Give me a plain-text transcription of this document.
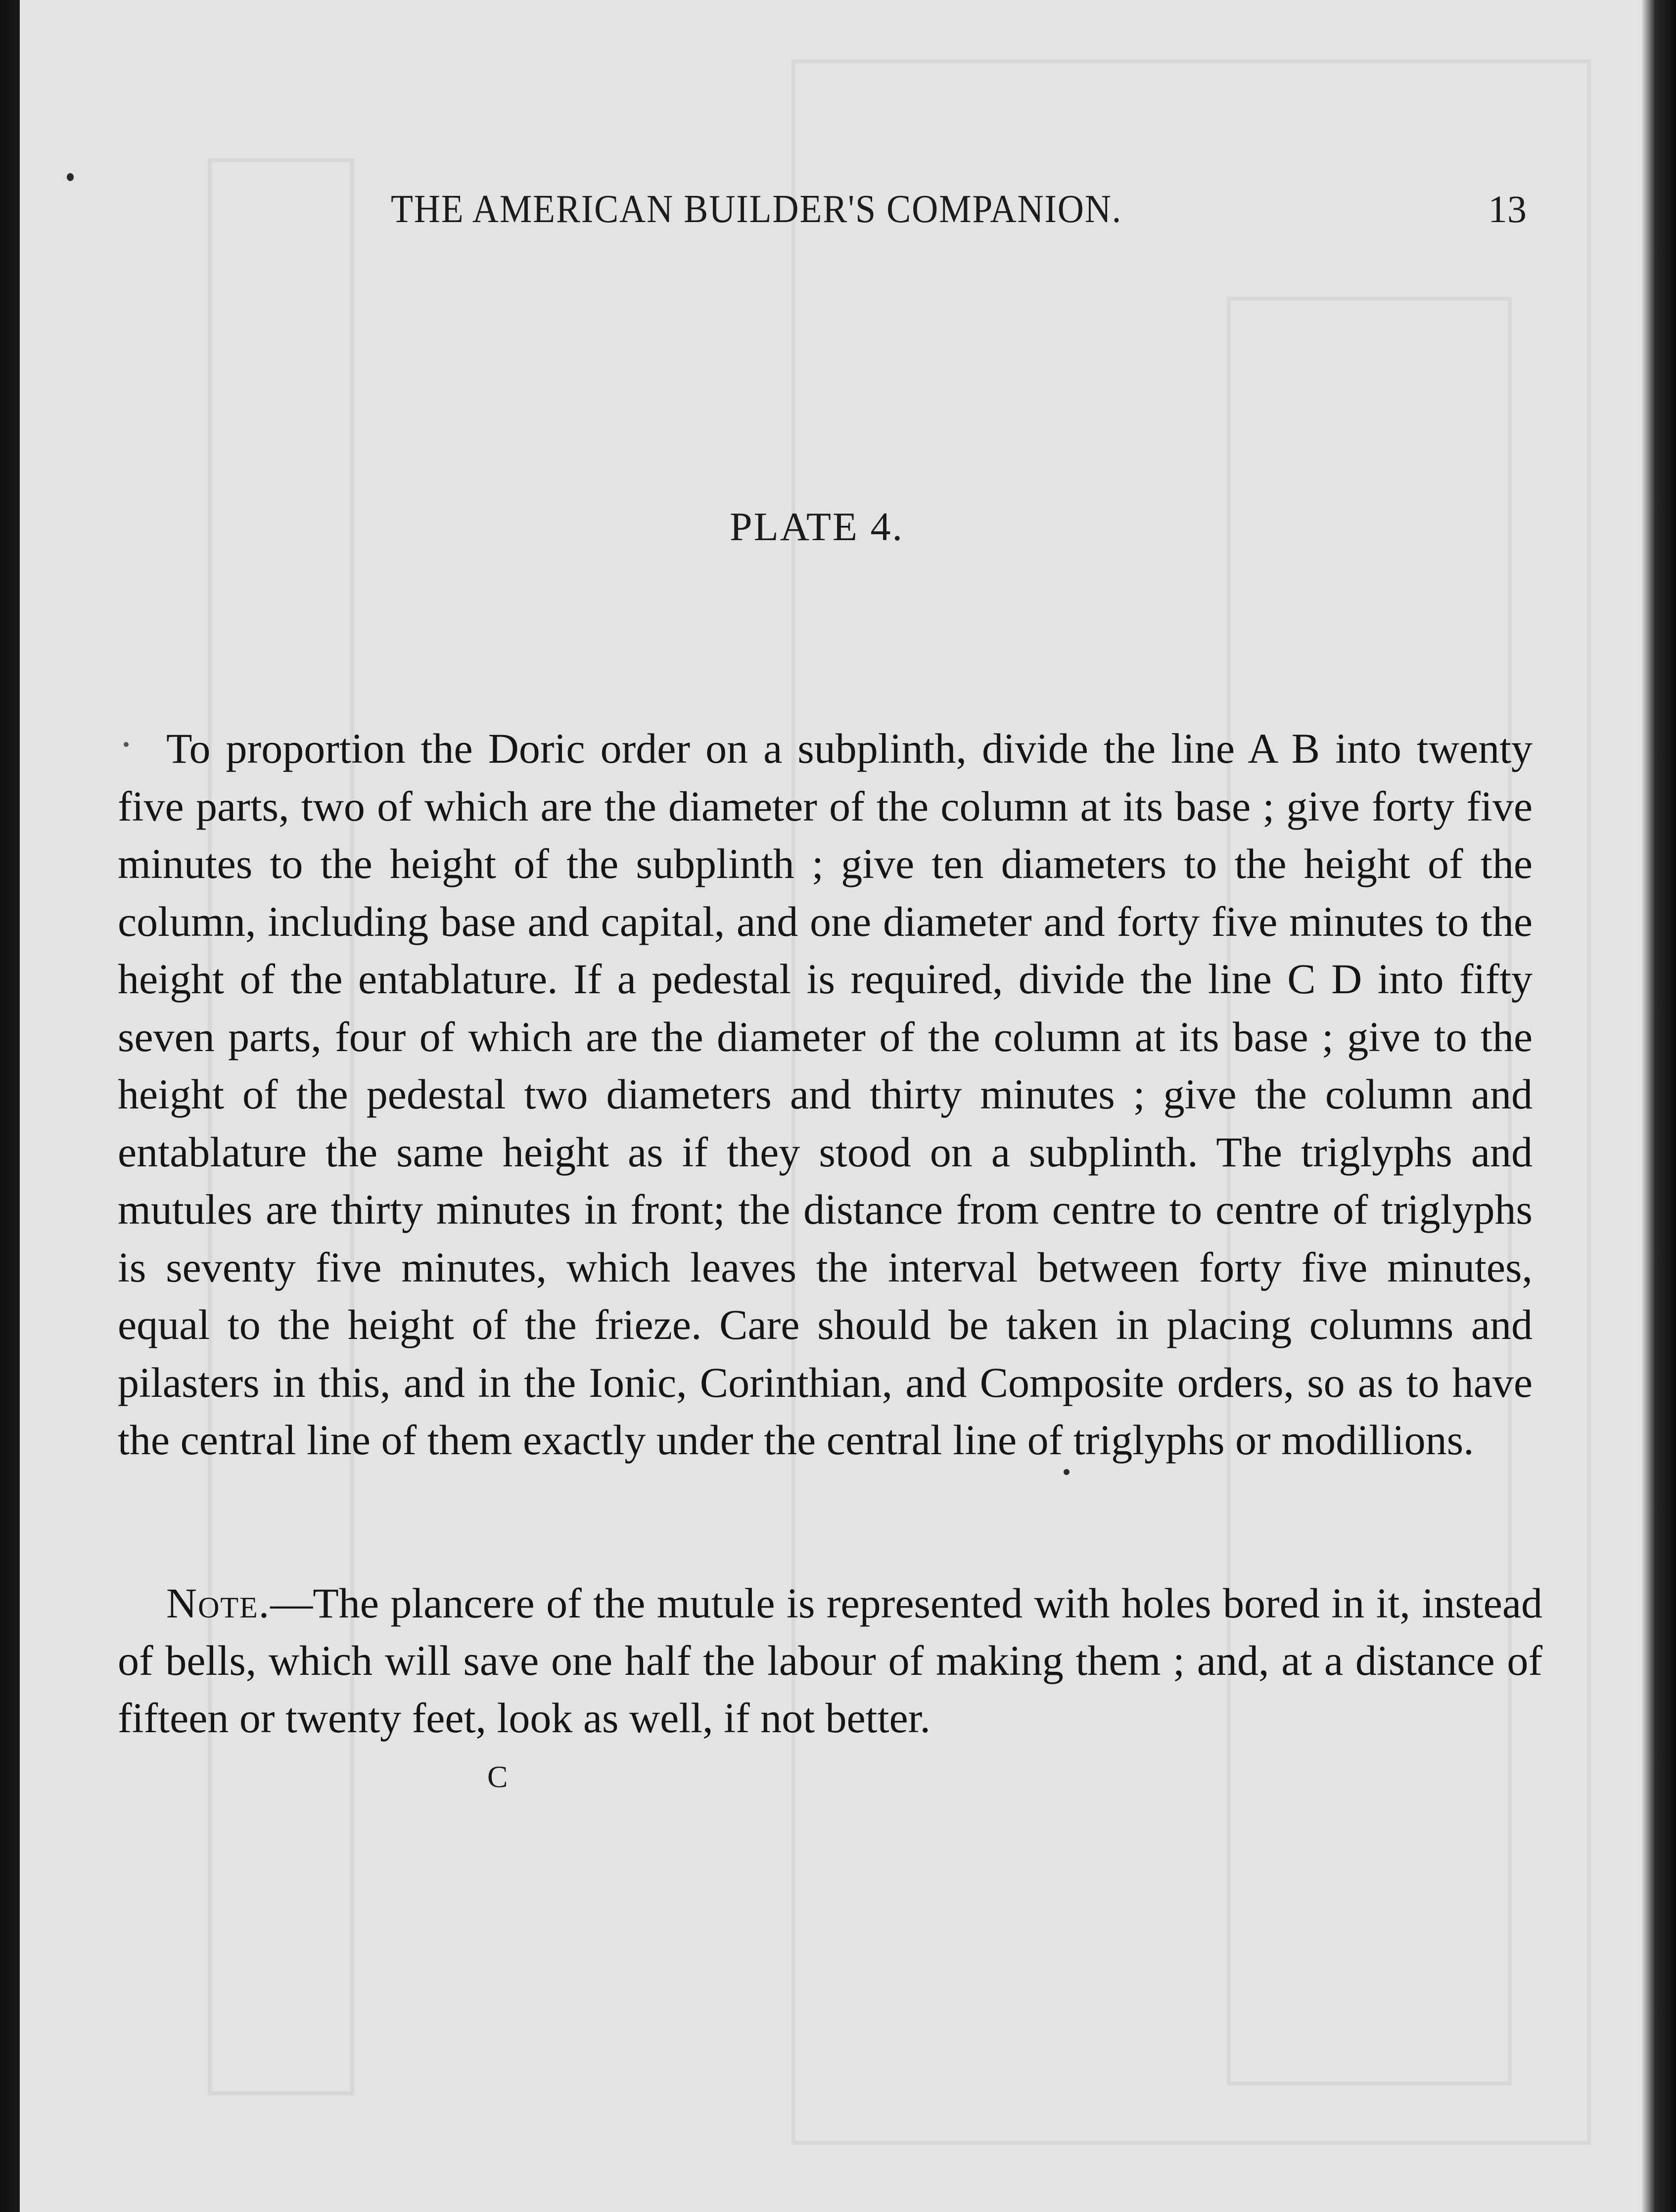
THE AMERICAN BUILDER'S COMPANION.	13
PLATE 4.

To proportion the Doric order on a subplinth, divide the line A B into twenty five parts, two of which are the diameter of the column at its base ; give forty five minutes to the height of the subplinth ; give ten diameters to the height of the column, including base and capital, and one diameter and forty five minutes to the height of the entablature. If a pedestal is required, divide the line C D into fifty seven parts, four of which are the diameter of the column at its base ; give to the height of the pedestal two diameters and thirty minutes ; give the column and entablature the same height as if they stood on a subplinth. The triglyphs and mutules are thirty minutes in front; the distance from centre to centre of triglyphs is seventy five minutes, which leaves the interval between forty five minutes, equal to the height of the frieze. Care should be taken in placing columns and pilasters in this, and in the Ionic, Corinthian, and Composite orders, so as to have the central line of them exactly under the central line of triglyphs or modillions.

Note.—The plancere of the mutule is represented with holes bored in it, instead of bells, which will save one half the labour of making them ; and, at a distance of fifteen or twenty feet, look as well, if not better.

C
